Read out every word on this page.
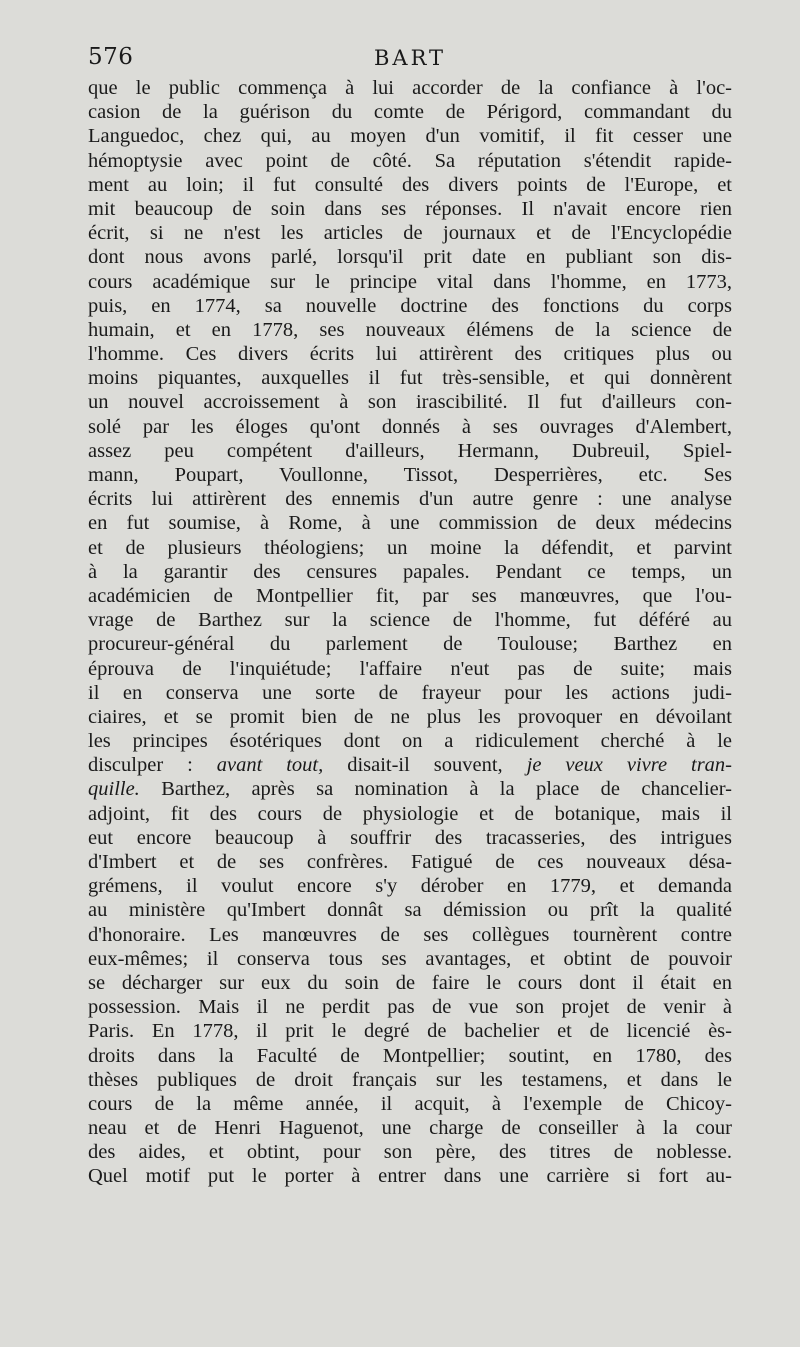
576	BART
que le public commença à lui accorder de la confiance à l'oc-
casion de la guérison du comte de Périgord, commandant du
Languedoc, chez qui, au moyen d'un vomitif, il fit cesser une
hémoptysie avec point de côté. Sa réputation s'étendit rapide-
ment au loin; il fut consulté des divers points de l'Europe, et
mit beaucoup de soin dans ses réponses. Il n'avait encore rien
écrit, si ne n'est les articles de journaux et de l'Encyclopédie
dont nous avons parlé, lorsqu'il prit date en publiant son dis-
cours académique sur le principe vital dans l'homme, en 1773,
puis, en 1774, sa nouvelle doctrine des fonctions du corps
humain, et en 1778, ses nouveaux élémens de la science de
l'homme. Ces divers écrits lui attirèrent des critiques plus ou
moins piquantes, auxquelles il fut très-sensible, et qui donnèrent
un nouvel accroissement à son irascibilité. Il fut d'ailleurs con-
solé par les éloges qu'ont donnés à ses ouvrages d'Alembert,
assez peu compétent d'ailleurs, Hermann, Dubreuil, Spiel-
mann, Poupart, Voullonne, Tissot, Desperrières, etc. Ses
écrits lui attirèrent des ennemis d'un autre genre : une analyse
en fut soumise, à Rome, à une commission de deux médecins
et de plusieurs théologiens; un moine la défendit, et parvint
à la garantir des censures papales. Pendant ce temps, un
académicien de Montpellier fit, par ses manœuvres, que l'ou-
vrage de Barthez sur la science de l'homme, fut déféré au
procureur-général du parlement de Toulouse; Barthez en
éprouva de l'inquiétude; l'affaire n'eut pas de suite; mais
il en conserva une sorte de frayeur pour les actions judi-
ciaires, et se promit bien de ne plus les provoquer en dévoilant
les principes ésotériques dont on a ridiculement cherché à le
disculper : avant tout, disait-il souvent, je veux vivre tran-
quille. Barthez, après sa nomination à la place de chancelier-
adjoint, fit des cours de physiologie et de botanique, mais il
eut encore beaucoup à souffrir des tracasseries, des intrigues
d'Imbert et de ses confrères. Fatigué de ces nouveaux désa-
grémens, il voulut encore s'y dérober en 1779, et demanda
au ministère qu'Imbert donnât sa démission ou prît la qualité
d'honoraire. Les manœuvres de ses collègues tournèrent contre
eux-mêmes; il conserva tous ses avantages, et obtint de pouvoir
se décharger sur eux du soin de faire le cours dont il était en
possession. Mais il ne perdit pas de vue son projet de venir à
Paris. En 1778, il prit le degré de bachelier et de licencié ès-
droits dans la Faculté de Montpellier; soutint, en 1780, des
thèses publiques de droit français sur les testamens, et dans le
cours de la même année, il acquit, à l'exemple de Chicoy-
neau et de Henri Haguenot, une charge de conseiller à la cour
des aides, et obtint, pour son père, des titres de noblesse.
Quel motif put le porter à entrer dans une carrière si fort au-
